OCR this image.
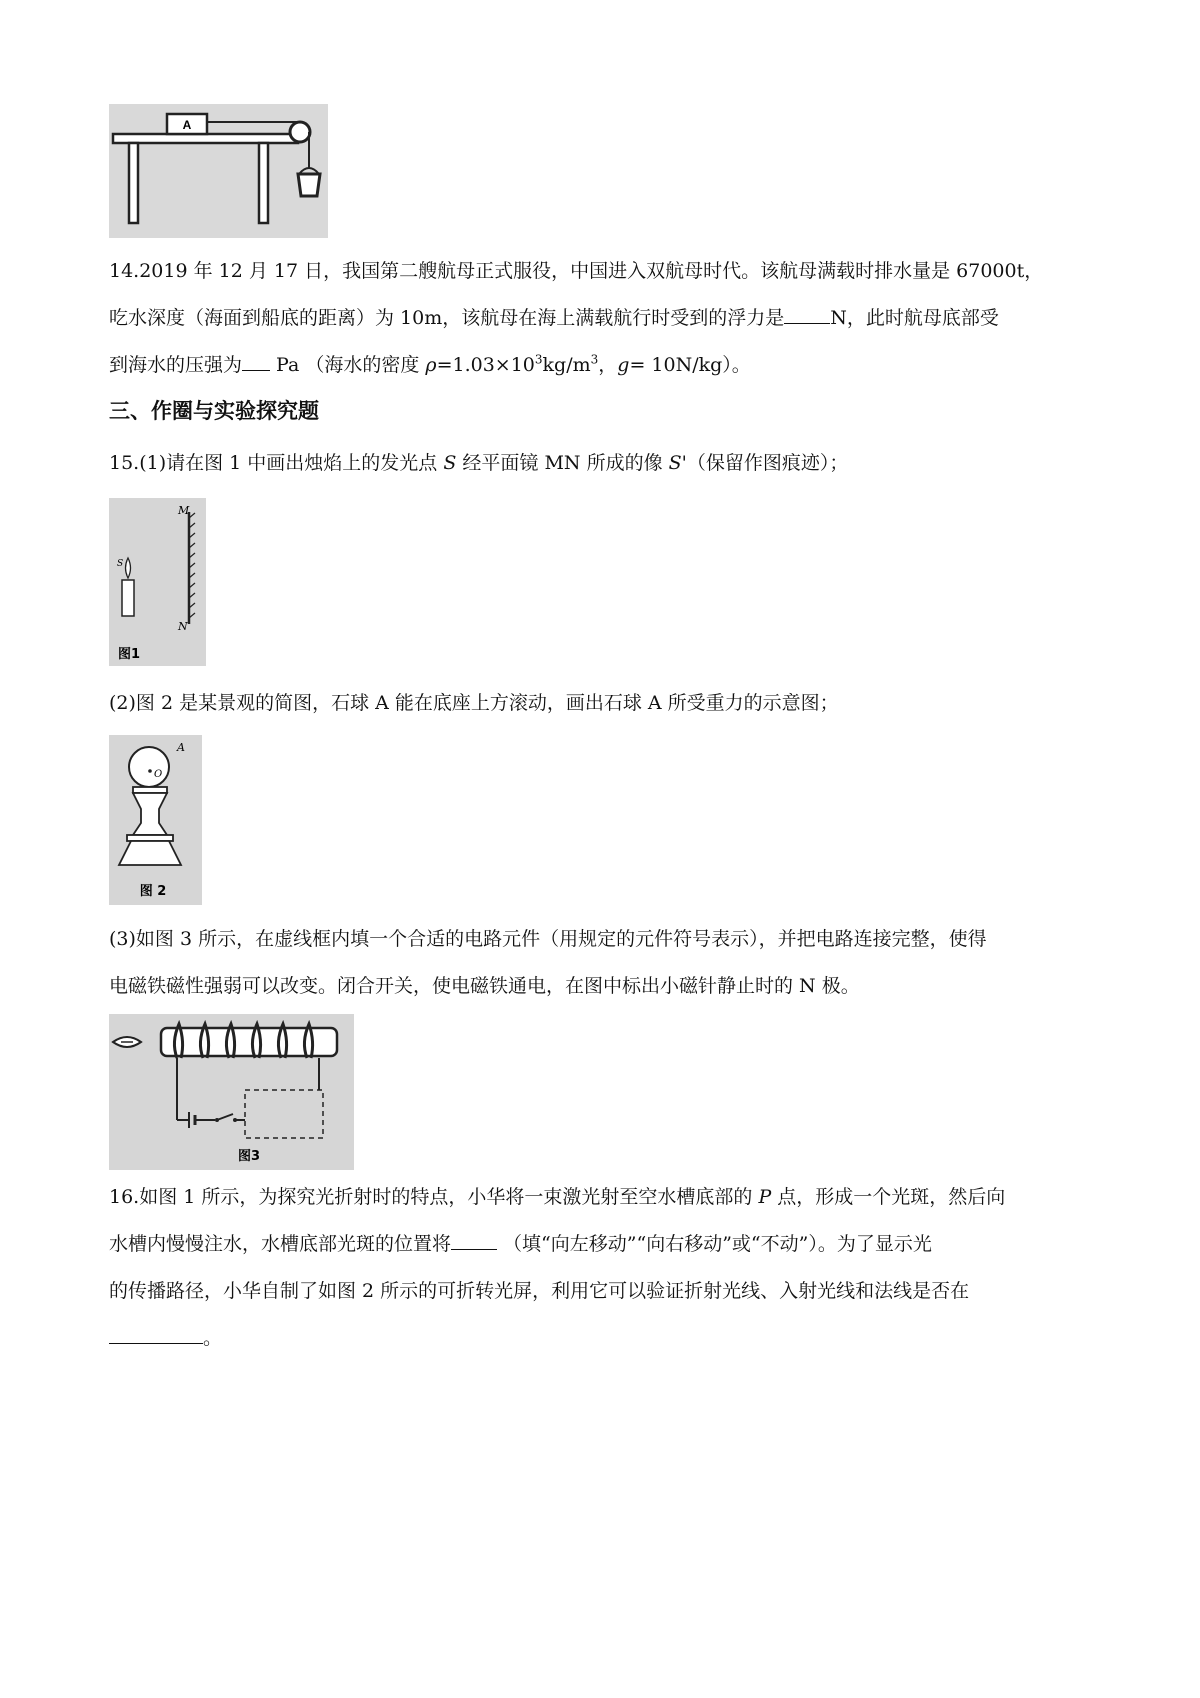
A
14.2019 年 12 月 17 日，我国第二艘航母正式服役，中国进入双航母时代。该航母满载时排水量是 67000t，
吃水深度（海面到船底的距离）为 10m，该航母在海上满载航行时受到的浮力是 N，此时航母底部受
到海水的压强为 Pa （海水的密度 $\rho=1.03\times 10^3kg/m^3$，g= 10N/kg）。
三、作圈与实验探究题
15.(1)请在图 1 中画出烛焰上的发光点 S 经平面镜 MN 所成的像 S'（保留作图痕迹）；
M
N
S
图1
(2)图 2 是某景观的简图，石球 A 能在底座上方滚动，画出石球 A 所受重力的示意图；
O
A
图 2
(3)如图 3 所示，在虚线框内填一个合适的电路元件（用规定的元件符号表示），并把电路连接完整，使得
电磁铁磁性强弱可以改变。闭合开关，使电磁铁通电，在图中标出小磁针静止时的 N 极。
图3
16.如图 1 所示，为探究光折射时的特点，小华将一束激光射至空水槽底部的 P 点，形成一个光斑，然后向
水槽内慢慢注水，水槽底部光斑的位置将 （填“向左移动”“向右移动”或“不动”）。为了显示光
的传播路径，小华自制了如图 2 所示的可折转光屏，利用它可以验证折射光线、入射光线和法线是否在
。
